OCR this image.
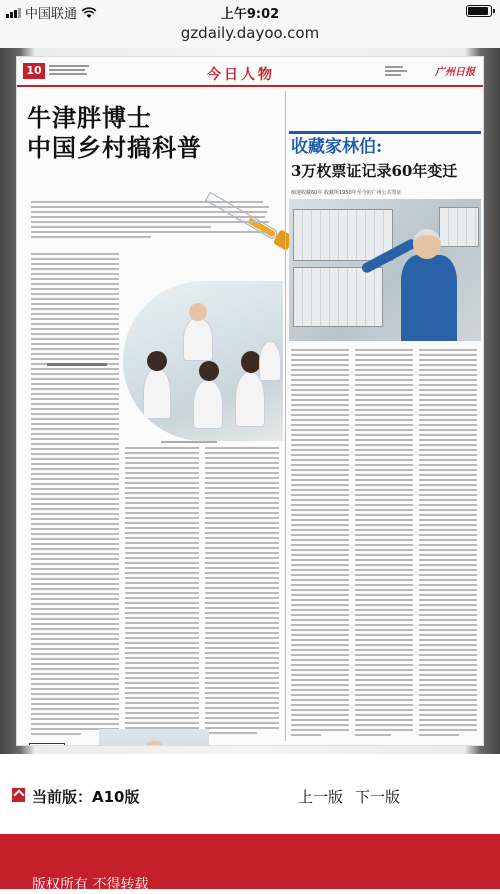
中国联通	上午9:02
gzdaily.dayoo.com
10	今日人物	广州日报
牛津胖博士
中国乡村搞科普	收藏家林伯:
3万枚票证记录60年变迁
痴迷收藏60年 收藏所1950年至今的广州公共票证
当前版：A10版	上一版 下一版
版权所有 不得转载
